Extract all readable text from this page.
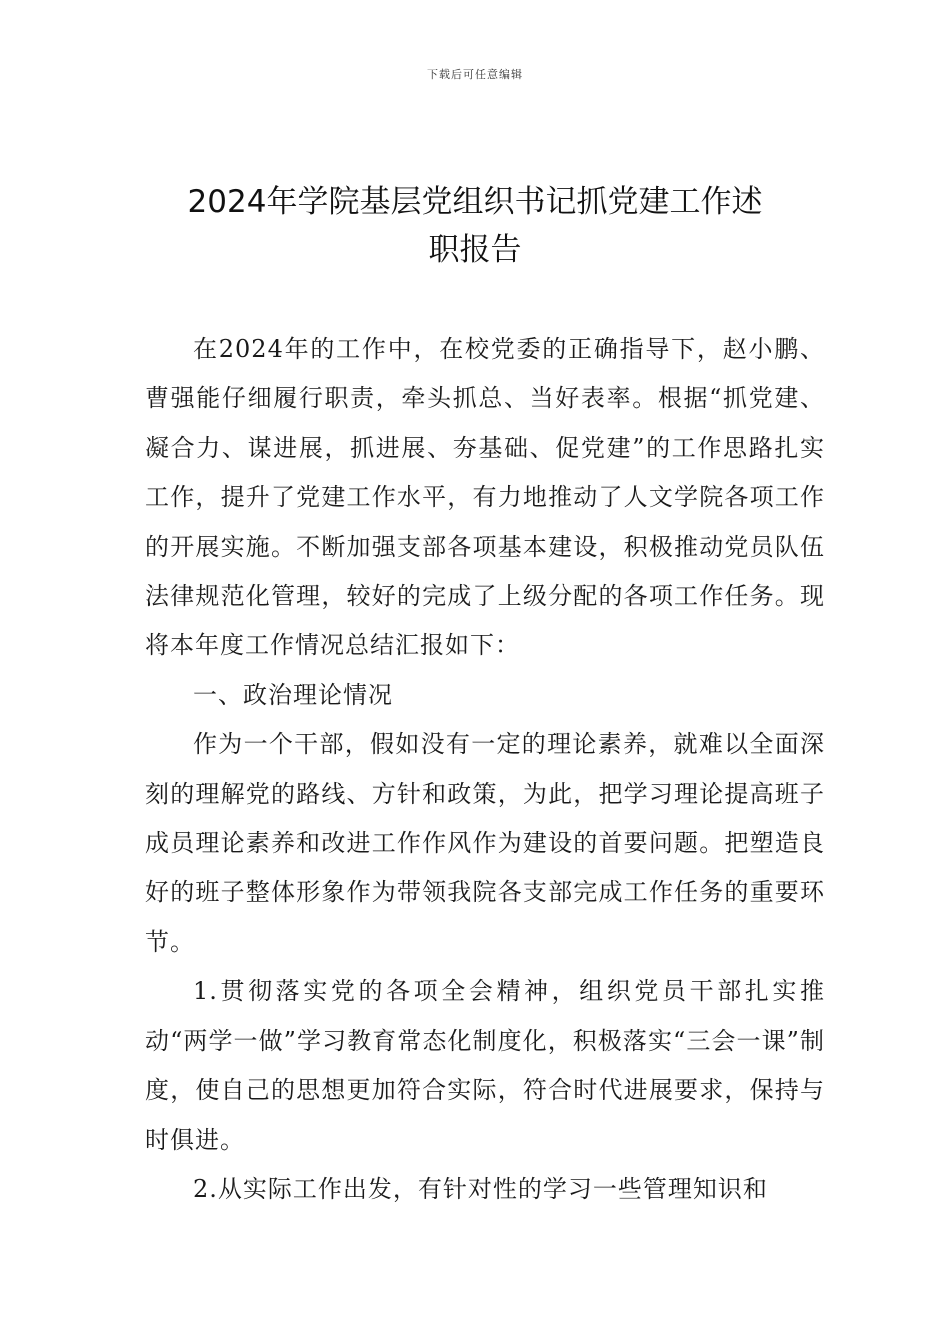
下载后可任意编辑
2024年学院基层党组织书记抓党建工作述
职报告

在2024年的工作中，在校党委的正确指导下，赵小鹏、曹强能仔细履行职责，牵头抓总、当好表率。根据“抓党建、凝合力、谋进展，抓进展、夯基础、促党建”的工作思路扎实工作，提升了党建工作水平，有力地推动了人文学院各项工作的开展实施。不断加强支部各项基本建设，积极推动党员队伍法律规范化管理，较好的完成了上级分配的各项工作任务。现将本年度工作情况总结汇报如下：

一、政治理论情况

作为一个干部，假如没有一定的理论素养，就难以全面深刻的理解党的路线、方针和政策，为此，把学习理论提高班子成员理论素养和改进工作作风作为建设的首要问题。把塑造良好的班子整体形象作为带领我院各支部完成工作任务的重要环节。

1.贯彻落实党的各项全会精神，组织党员干部扎实推动“两学一做”学习教育常态化制度化，积极落实“三会一课”制度，使自己的思想更加符合实际，符合时代进展要求，保持与时俱进。

2.从实际工作出发，有针对性的学习一些管理知识和
